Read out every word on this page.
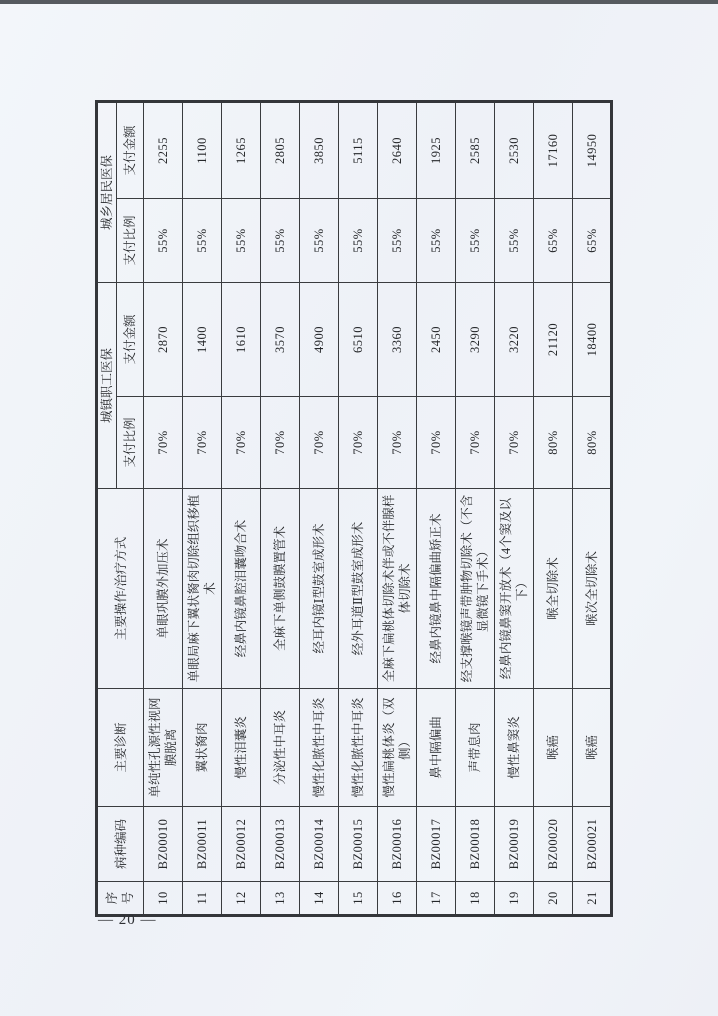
序号	病种编码	主要诊断	主要操作/治疗方式	城镇职工医保		城乡居民医保	
				支付比例	支付金额	支付比例	支付金额
10	BZ00010	单纯性孔源性视网膜脱离	单眼巩膜外加压术	70%	2870	55%	2255
11	BZ00011	翼状胬肉	单眼局麻下翼状胬肉切除组织移植术	70%	1400	55%	1100
12	BZ00012	慢性泪囊炎	经鼻内镜鼻腔泪囊吻合术	70%	1610	55%	1265
13	BZ00013	分泌性中耳炎	全麻下单侧鼓膜置管术	70%	3570	55%	2805
14	BZ00014	慢性化脓性中耳炎	经耳内镜Ⅰ型鼓室成形术	70%	4900	55%	3850
15	BZ00015	慢性化脓性中耳炎	经外耳道Ⅱ型鼓室成形术	70%	6510	55%	5115
16	BZ00016	慢性扁桃体炎（双侧）	全麻下扁桃体切除术伴或不伴腺样体切除术	70%	3360	55%	2640
17	BZ00017	鼻中隔偏曲	经鼻内镜鼻中隔偏曲矫正术	70%	2450	55%	1925
18	BZ00018	声带息肉	经支撑喉镜声带肿物切除术（不含显微镜下手术）	70%	3290	55%	2585
19	BZ00019	慢性鼻窦炎	经鼻内镜鼻窦开放术（4个窦及以下）	70%	3220	55%	2530
20	BZ00020	喉癌	喉全切除术	80%	21120	65%	17160
21	BZ00021	喉癌	喉次全切除术	80%	18400	65%	14950
— 20 —
